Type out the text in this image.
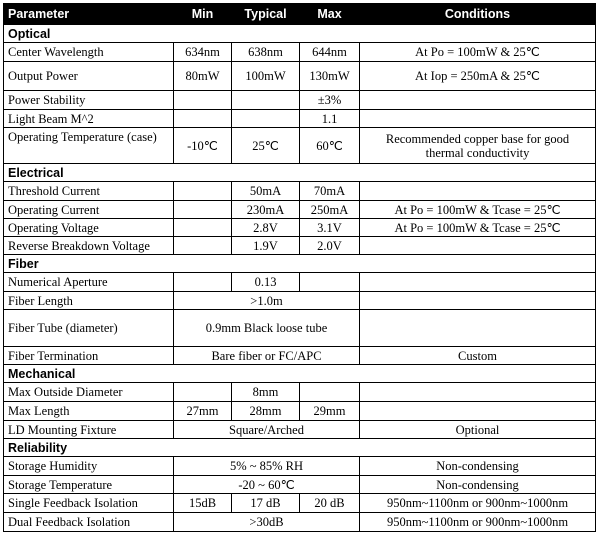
Parameter	Min	Typical	Max	Conditions
Optical				
Center Wavelength	634nm	638nm	644nm	At Po = 100mW & 25℃
Output Power	80mW	100mW	130mW	At Iop = 250mA & 25℃
Power Stability			±3%	
Light Beam M^2			1.1	
Operating Temperature (case)	-10℃	25℃	60℃	Recommended copper base for good
thermal conductivity

Electrical				
Threshold Current		50mA	70mA	
Operating Current		230mA	250mA	At Po = 100mW & Tcase = 25℃
Operating Voltage		2.8V	3.1V	At Po = 100mW & Tcase = 25℃
Reverse Breakdown Voltage		1.9V	2.0V	
Fiber				
Numerical Aperture		0.13		
Fiber Length	>1.0m			
Fiber Tube (diameter)	0.9mm Black loose tube			
Fiber Termination	Bare fiber or FC/APC			Custom
Mechanical				
Max Outside Diameter		8mm		
Max Length	27mm	28mm	29mm	
LD Mounting Fixture	Square/Arched			Optional
Reliability				
Storage Humidity	5% ~ 85% RH			Non-condensing
Storage Temperature	-20 ~ 60℃			Non-condensing
Single Feedback Isolation	15dB	17 dB	20 dB	950nm~1100nm or 900nm~1000nm
Dual Feedback Isolation	>30dB			950nm~1100nm or 900nm~1000nm
